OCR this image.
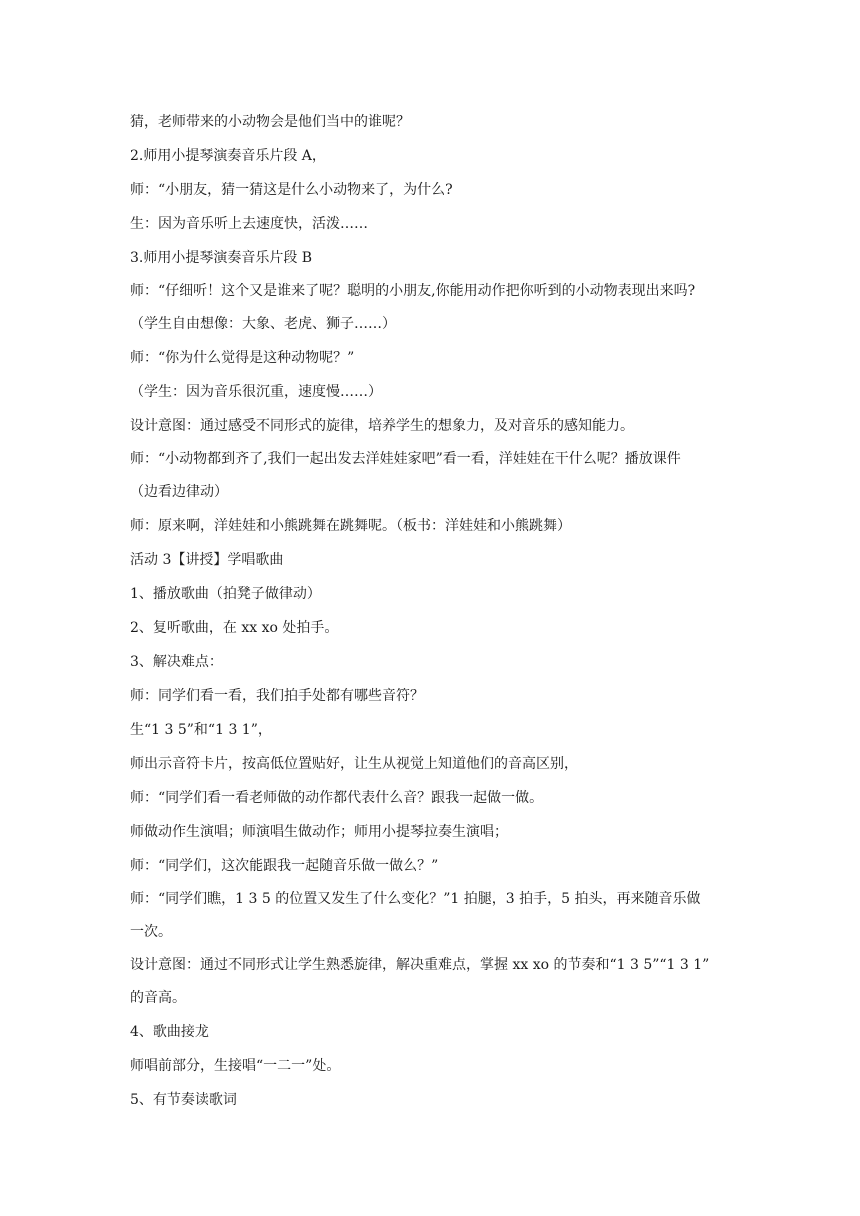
猜，老师带来的小动物会是他们当中的谁呢？

2.师用小提琴演奏音乐片段 A，

师：“小朋友，猜一猜这是什么小动物来了，为什么?

生：因为音乐听上去速度快，活泼……

3.师用小提琴演奏音乐片段 B

师：“仔细听！这个又是谁来了呢？聪明的小朋友,你能用动作把你听到的小动物表现出来吗?

（学生自由想像：大象、老虎、狮子……）

师：“你为什么觉得是这种动物呢？”

（学生：因为音乐很沉重，速度慢……）

设计意图：通过感受不同形式的旋律，培养学生的想象力，及对音乐的感知能力。

师：“小动物都到齐了,我们一起出发去洋娃娃家吧”看一看，洋娃娃在干什么呢？播放课件

（边看边律动）

师：原来啊，洋娃娃和小熊跳舞在跳舞呢。（板书：洋娃娃和小熊跳舞）

活动 3【讲授】学唱歌曲

1、播放歌曲（拍凳子做律动）

2、复听歌曲，在 xx xo 处拍手。

3、解决难点：

师：同学们看一看，我们拍手处都有哪些音符？

生“1 3 5”和“1 3 1”，

师出示音符卡片，按高低位置贴好，让生从视觉上知道他们的音高区别，

师：“同学们看一看老师做的动作都代表什么音？跟我一起做一做。

师做动作生演唱；师演唱生做动作；师用小提琴拉奏生演唱；

师：“同学们，这次能跟我一起随音乐做一做么？”

师：“同学们瞧，1 3 5 的位置又发生了什么变化？”1 拍腿，3 拍手，5 拍头，再来随音乐做

一次。

设计意图：通过不同形式让学生熟悉旋律，解决重难点，掌握 xx xo 的节奏和“1 3 5”“1 3 1”

的音高。

4、歌曲接龙

师唱前部分，生接唱“一二一”处。

5、有节奏读歌词
